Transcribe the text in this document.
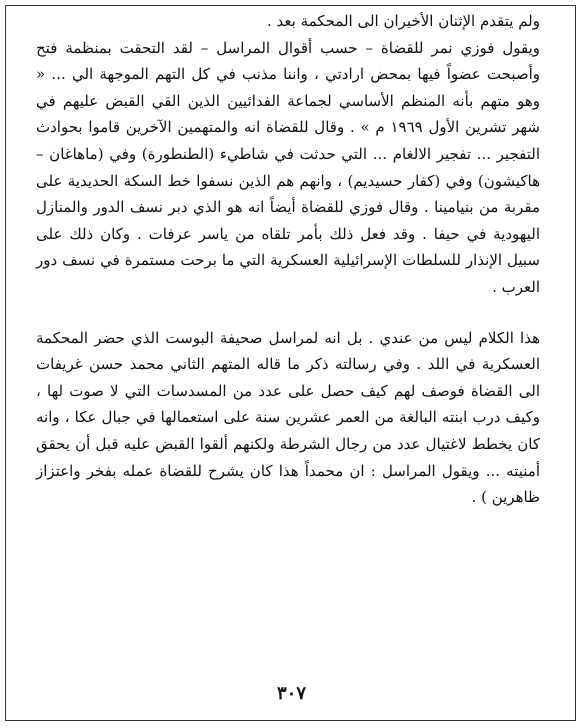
ولم يتقدم الإثنان الأخيران الى المحكمة بعد .

ويقول فوزي نمر للقضاة – حسب أقوال المراسل – لقد التحقت بمنظمة فتح وأصبحت عضواً فيها بمحض ارادتي ، واننا مذنب في كل التهم الموجهة الي ... « وهو متهم بأنه المنظم الأساسي لجماعة الفدائيين الذين القي القبض عليهم في شهر تشرين الأول ١٩٦٩ م » . وقال للقضاة انه والمتهمين الآخرين قاموا بحوادث التفجير ... تفجير الالغام ... التي حدثت في شاطيء (الطنطورة) وفي (ماهاغان – هاكيشون) وفي (كفار حسيديم) ، وانهم هم الذين نسفوا خط السكة الحديدية على مقربة من بنيامينا . وقال فوزي للقضاة أيضاً انه هو الذي دبر نسف الدور والمنازل اليهودية في حيفا . وقد فعل ذلك بأمر تلقاه من ياسر عرفات . وكان ذلك على سبيل الإنذار للسلطات الإسرائيلية العسكرية التي ما برحت مستمرة في نسف دور العرب .

هذا الكلام ليس من عندي . بل انه لمراسل صحيفة البوست الذي حضر المحكمة العسكرية في اللد . وفي رسالته ذكر ما قاله المتهم الثاني محمد حسن غريفات الى القضاة فوصف لهم كيف حصل على عدد من المسدسات التي لا صوت لها ، وكيف درب ابنته البالغة من العمر عشرين سنة على استعمالها في جبال عكا ، وانه كان يخطط لاغتيال عدد من رجال الشرطة ولكنهم ألقوا القبض عليه قبل أن يحقق أمنيته ... ويقول المراسل : ان محمداً هذا كان يشرح للقضاة عمله بفخر واعتزاز ظاهرين ) .

٣٠٧
